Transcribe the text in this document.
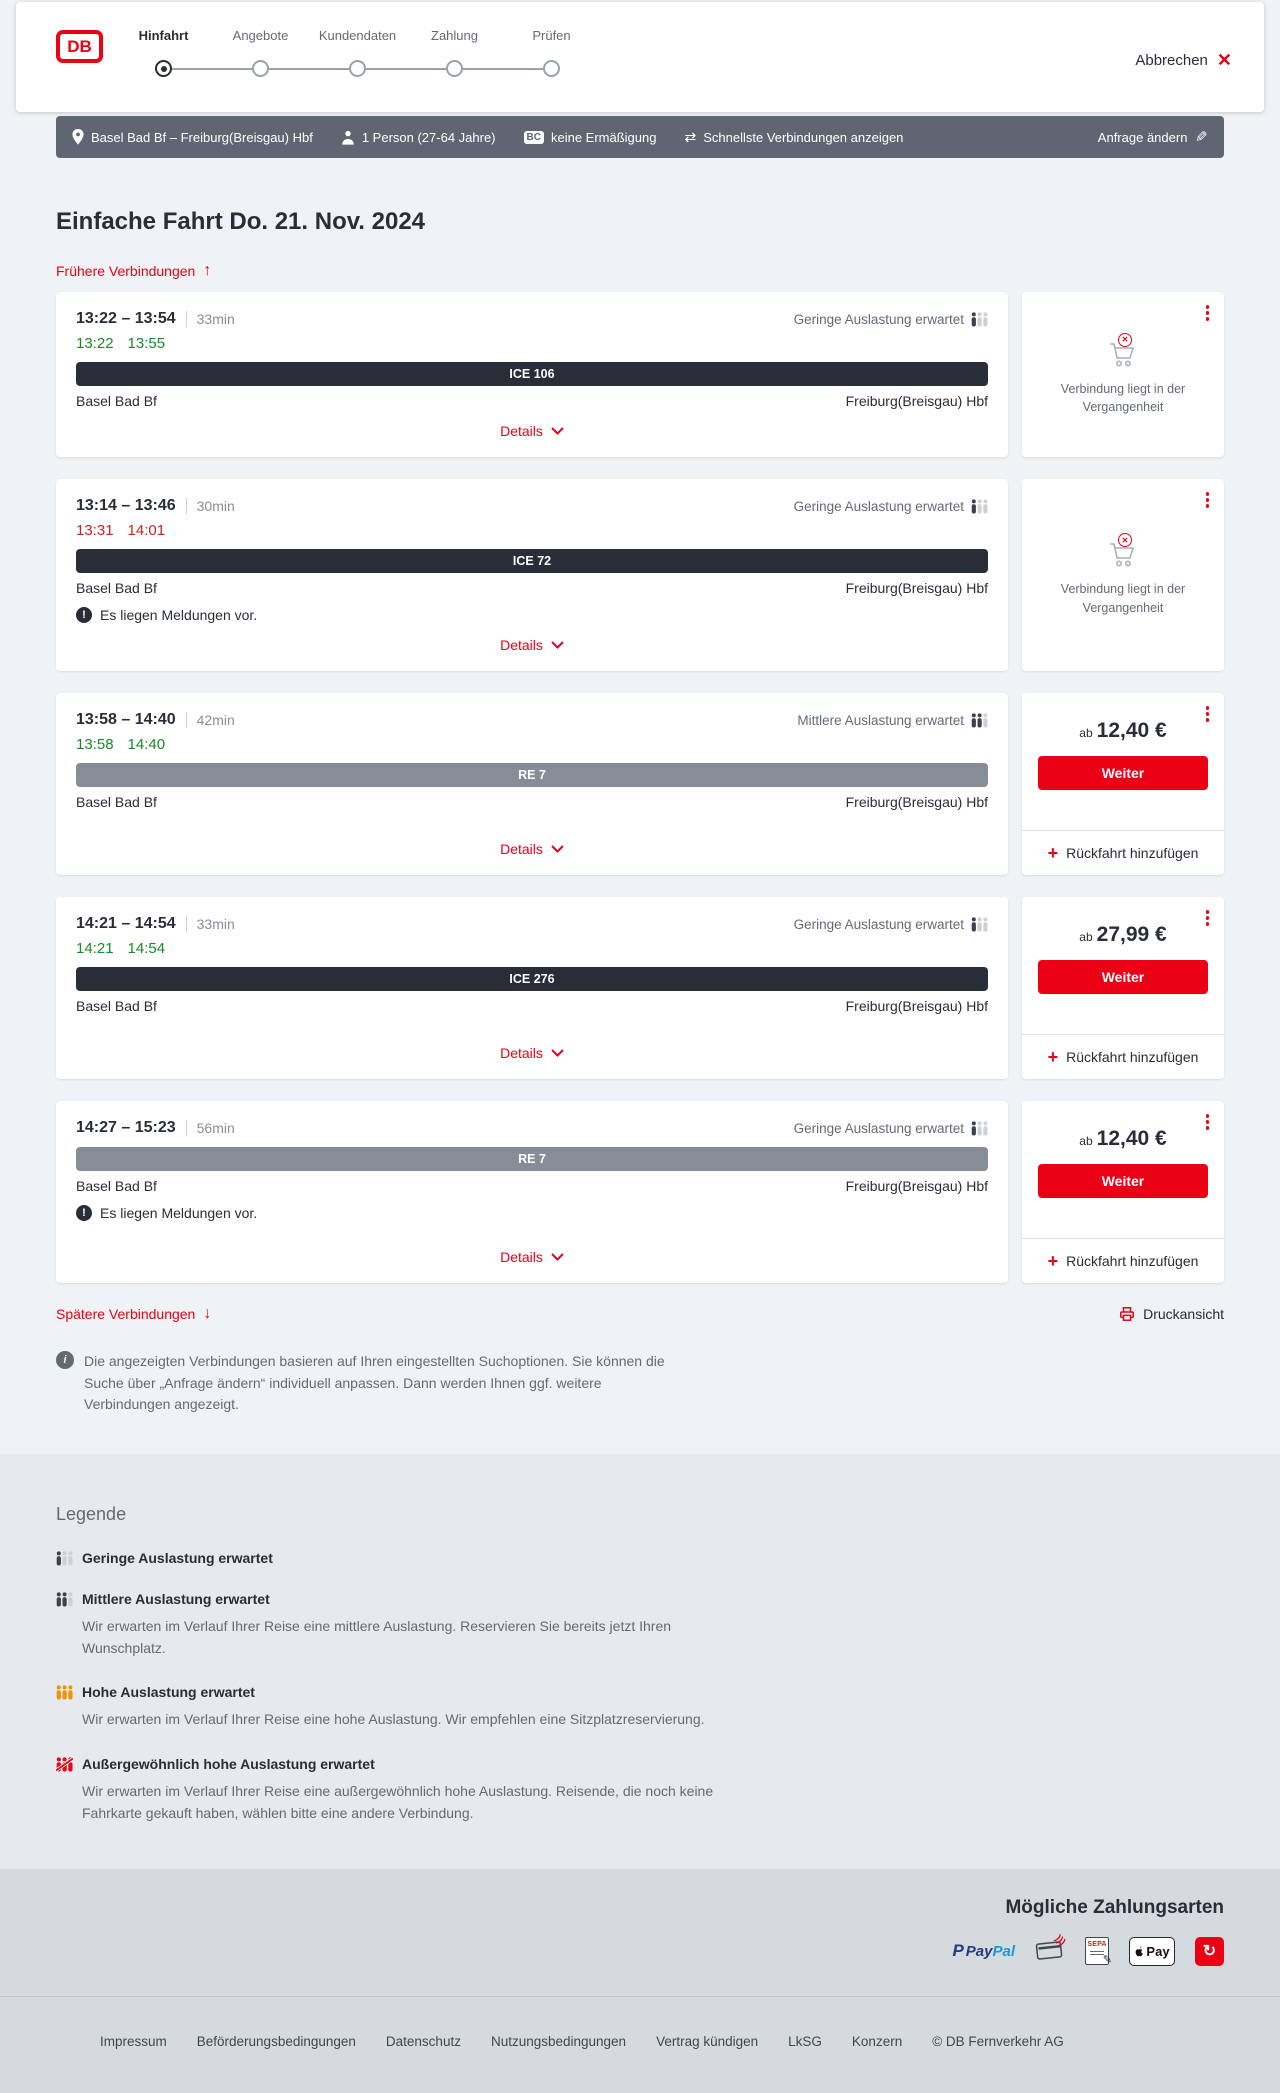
DB
Hinfahrt	Angebote	Kundendaten	Zahlung	Prüfen
Abbrechen ✕
Basel Bad Bf – Freiburg(Breisgau) Hbf	1 Person (27-64 Jahre)	BC keine Ermäßigung ⇄ Schnellste Verbindungen anzeigen	Anfrage ändern ✎
Einfache Fahrt Do. 21. Nov. 2024
Frühere Verbindungen ↑
13:22 – 13:54 33min	Geringe Auslastung erwartet
13:22 13:55
ICE 106
Basel Bad Bf	Freiburg(Breisgau) Hbf
Details
✕
Verbindung liegt in der Vergangenheit
13:14 – 13:46 30min	Geringe Auslastung erwartet
13:31 14:01
ICE 72
Basel Bad Bf	Freiburg(Breisgau) Hbf
!	Es liegen Meldungen vor.
Details
✕
Verbindung liegt in der Vergangenheit
13:58 – 14:40 42min	Mittlere Auslastung erwartet
13:58 14:40
RE 7
Basel Bad Bf	Freiburg(Breisgau) Hbf
Details
ab 12,40 €
Weiter
+ Rückfahrt hinzufügen
14:21 – 14:54 33min	Geringe Auslastung erwartet
14:21 14:54
ICE 276
Basel Bad Bf	Freiburg(Breisgau) Hbf
Details
ab 27,99 €
Weiter
+ Rückfahrt hinzufügen
14:27 – 15:23 56min	Geringe Auslastung erwartet
RE 7
Basel Bad Bf	Freiburg(Breisgau) Hbf
!	Es liegen Meldungen vor.
Details
ab 12,40 €
Weiter
+ Rückfahrt hinzufügen
Spätere Verbindungen ↓	Druckansicht
i	Die angezeigten Verbindungen basieren auf Ihren eingestellten Suchoptionen. Sie können die Suche über „Anfrage ändern“ individuell anpassen. Dann werden Ihnen ggf. weitere Verbindungen angezeigt.

Legende
Geringe Auslastung erwartet
Mittlere Auslastung erwartet

Wir erwarten im Verlauf Ihrer Reise eine mittlere Auslastung. Reservieren Sie bereits jetzt Ihren Wunschplatz.

Hohe Auslastung erwartet

Wir erwarten im Verlauf Ihrer Reise eine hohe Auslastung. Wir empfehlen eine Sitzplatzreservierung.

Außergewöhnlich hohe Auslastung erwartet

Wir erwarten im Verlauf Ihrer Reise eine außergewöhnlich hohe Auslastung. Reisende, die noch keine Fahrkarte gekauft haben, wählen bitte eine andere Verbindung.

Mögliche Zahlungsarten
P Pay Pal
)))	SEPA
✎
Pay	↻
Impressum Beförderungsbedingungen Datenschutz Nutzungsbedingungen Vertrag kündigen LkSG Konzern © DB Fernverkehr AG
